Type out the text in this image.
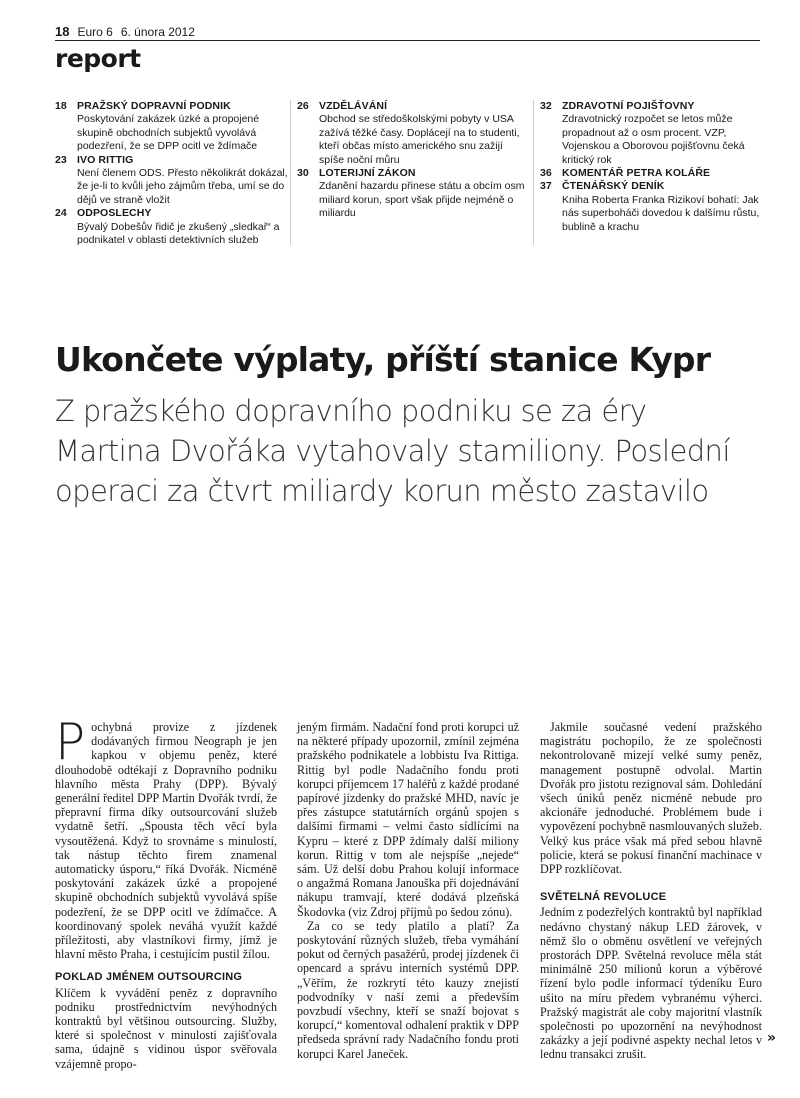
18 Euro 6 6. února 2012
report
18 PRAŽSKÝ DOPRAVNÍ PODNIK
Poskytování zakázek úzké a propojené skupině obchodních subjektů vyvolává podezření, že se DPP ocitl ve ždímače
23 IVO RITTIG
Není členem ODS. Přesto několikrát dokázal, že je-li to kvůli jeho zájmům třeba, umí se do dějů ve straně vložit
24 ODPOSLECHY
Bývalý Dobešův řidič je zkušený „sledkař“ a podnikatel v oblasti detektivních služeb
26 VZDĚLÁVÁNÍ
Obchod se středoškolskými pobyty v USA zažívá těžké časy. Doplácejí na to studenti, kteří občas místo amerického snu zažijí spíše noční můru
30 LOTERIJNÍ ZÁKON
Zdanění hazardu přinese státu a obcím osm miliard korun, sport však přijde nejméně o miliardu
32 ZDRAVOTNÍ POJIŠŤOVNY
Zdravotnický rozpočet se letos může propadnout až o osm procent. VZP, Vojenskou a Oborovou pojišťovnu čeká kritický rok
36 KOMENTÁŘ PETRA KOLÁŘE
37 ČTENÁŘSKÝ DENÍK
Kniha Roberta Franka Rizikoví bohatí: Jak nás superboháči dovedou k dalšímu růstu, bublině a krachu
Ukončete výplaty, příští stanice Kypr
Z pražského dopravního podniku se za éry Martina Dvořáka vytahovaly stamiliony. Poslední operaci za čtvrt miliardy korun město zastavilo

Pochybná provize z jízdenek dodávaných firmou Neograph je jen kapkou v objemu peněz, které dlouhodobě odtékají z Dopravního podniku hlavního města Prahy (DPP). Bývalý generální ředitel DPP Martin Dvořák tvrdí, že přepravní firma díky outsourcování služeb vydatně šetří. „Spousta těch věcí byla vysoutěžená. Když to srovnáme s minulostí, tak nástup těchto firem znamenal automaticky úsporu,“ říká Dvořák. Nicméně poskytování zakázek úzké a propojené skupině obchodních subjektů vyvolává spíše podezření, že se DPP ocitl ve ždímačce. A koordinovaný spolek neváhá využít každé příležitosti, aby vlastníkovi firmy, jímž je hlavní město Praha, i cestujícím pustil žílou.

POKLAD JMÉNEM OUTSOURCING

Klíčem k vyvádění peněz z dopravního podniku prostřednictvím nevýhodných kontraktů byl většinou outsourcing. Služby, které si společnost v minulosti zajišťovala sama, údajně s vidinou úspor svěřovala vzájemně propo-

jeným firmám. Nadační fond proti korupci už na některé případy upozornil, zmínil zejména pražského podnikatele a lobbistu Iva Rittiga. Rittig byl podle Nadačního fondu proti korupci příjemcem 17 haléřů z každé prodané papírové jízdenky do pražské MHD, navíc je přes zástupce statutárních orgánů spojen s dalšími firmami – velmi často sídlícími na Kypru – které z DPP ždímaly další miliony korun. Rittig v tom ale nejspíše „nejede“ sám. Už delší dobu Prahou kolují informace o angažmá Romana Janouška při dojednávání nákupu tramvají, které dodává plzeňská Škodovka (viz Zdroj příjmů po šedou zónu).

Za co se tedy platilo a platí? Za poskytování různých služeb, třeba vymáhání pokut od černých pasažérů, prodej jízdenek či opencard a správu interních systémů DPP. „Věřím, že rozkrytí této kauzy znejistí podvodníky v naší zemi a především povzbudí všechny, kteří se snaží bojovat s korupcí,“ komentoval odhalení praktik v DPP předseda správní rady Nadačního fondu proti korupci Karel Janeček.

Jakmile současné vedení pražského magistrátu pochopilo, že ze společnosti nekontrolovaně mizejí velké sumy peněz, management postupně odvolal. Martin Dvořák pro jistotu rezignoval sám. Dohledání všech úniků peněz nicméně nebude pro akcionáře jednoduché. Problémem bude i vypovězení pochybně nasmlouvaných služeb. Velký kus práce však má před sebou hlavně policie, která se pokusí finanční machinace v DPP rozklíčovat.

SVĚTELNÁ REVOLUCE

Jedním z podezřelých kontraktů byl například nedávno chystaný nákup LED žárovek, v němž šlo o obměnu osvětlení ve veřejných prostorách DPP. Světelná revoluce měla stát minimálně 250 milionů korun a výběrové řízení bylo podle informací týdeníku Euro ušito na míru předem vybranému výherci. Pražský magistrát ale coby majoritní vlastník společnosti po upozornění na nevýhodnost zakázky a její podivné aspekty nechal letos v lednu transakci zrušit.

»
